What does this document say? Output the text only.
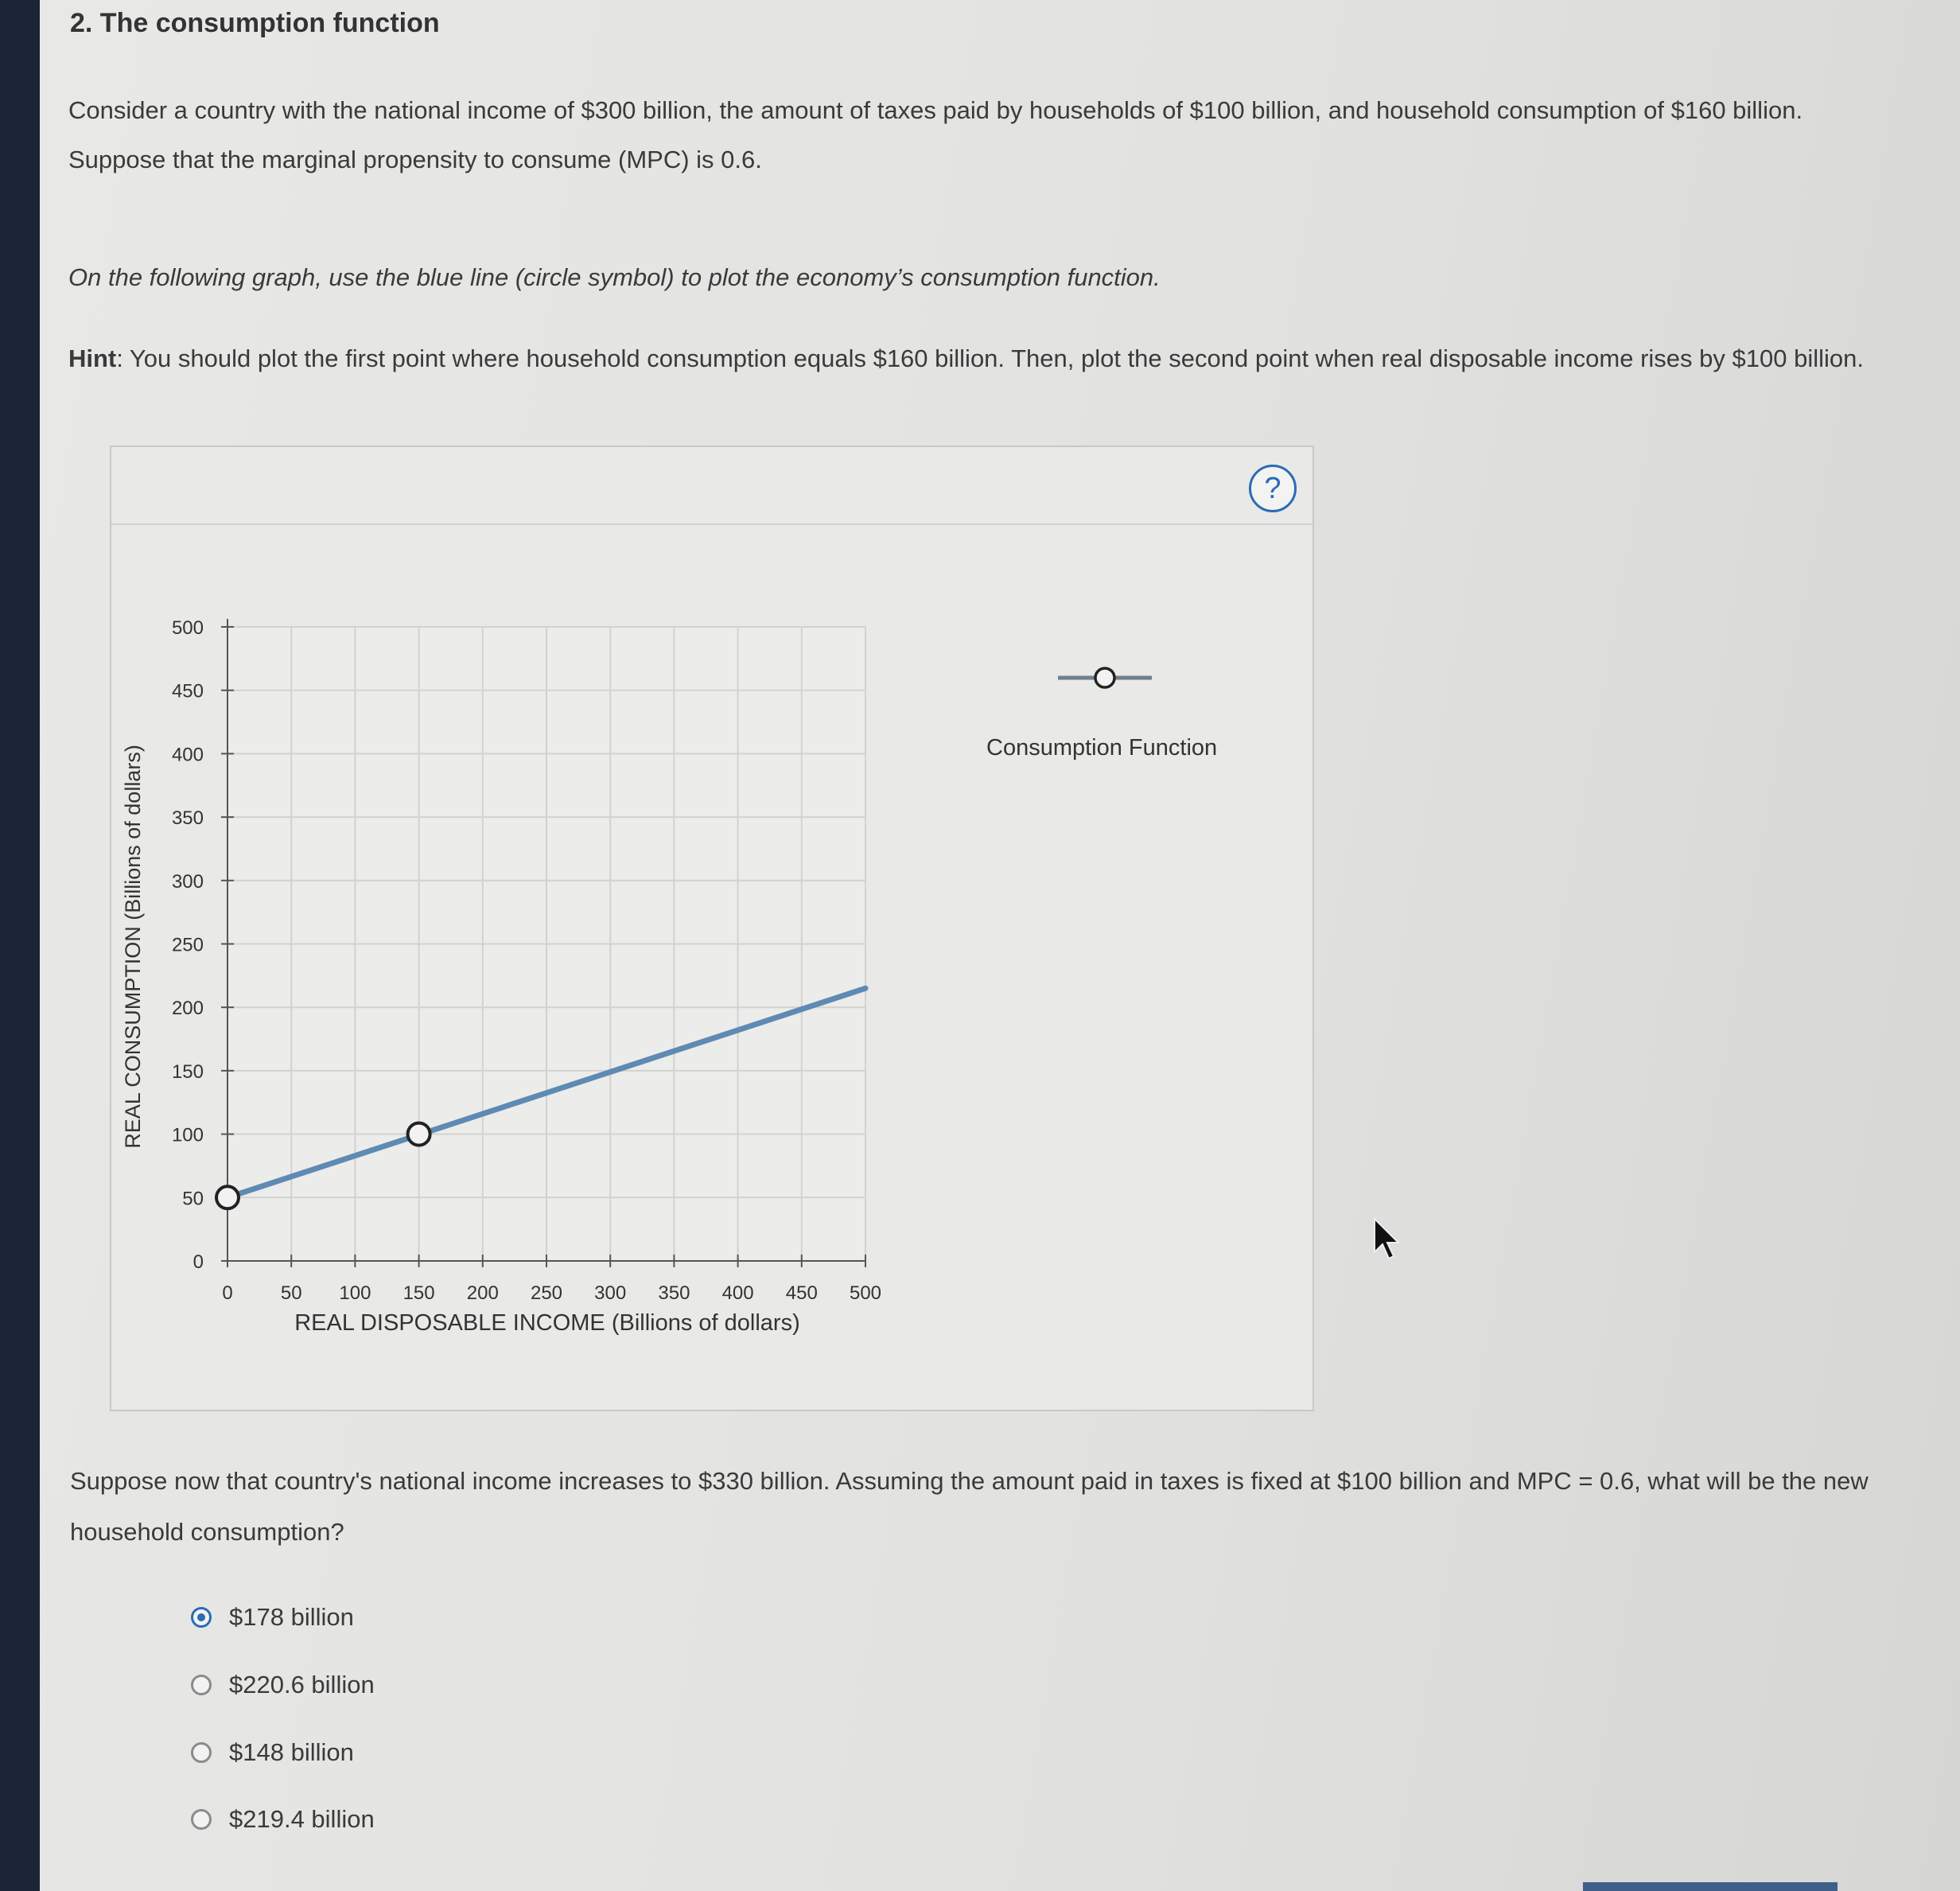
2. The consumption function
Consider a country with the national income of $300 billion, the amount of taxes paid by households of $100 billion, and household consumption of $160 billion. Suppose that the marginal propensity to consume (MPC) is 0.6.
On the following graph, use the blue line (circle symbol) to plot the economy’s consumption function.
Hint: You should plot the first point where household consumption equals $160 billion. Then, plot the second point when real disposable income rises by $100 billion.
?
0
50
100
150
200
250
300
350
400
450
500
0	50 100 150 200 250 300 350 400 450 500
REAL DISPOSABLE INCOME (Billions of dollars)
REAL CONSUMPTION (Billions of dollars)	Consumption Function
Suppose now that country's national income increases to $330 billion. Assuming the amount paid in taxes is fixed at $100 billion and MPC = 0.6, what will be the new household consumption?
$178 billion
$220.6 billion
$148 billion
$219.4 billion
